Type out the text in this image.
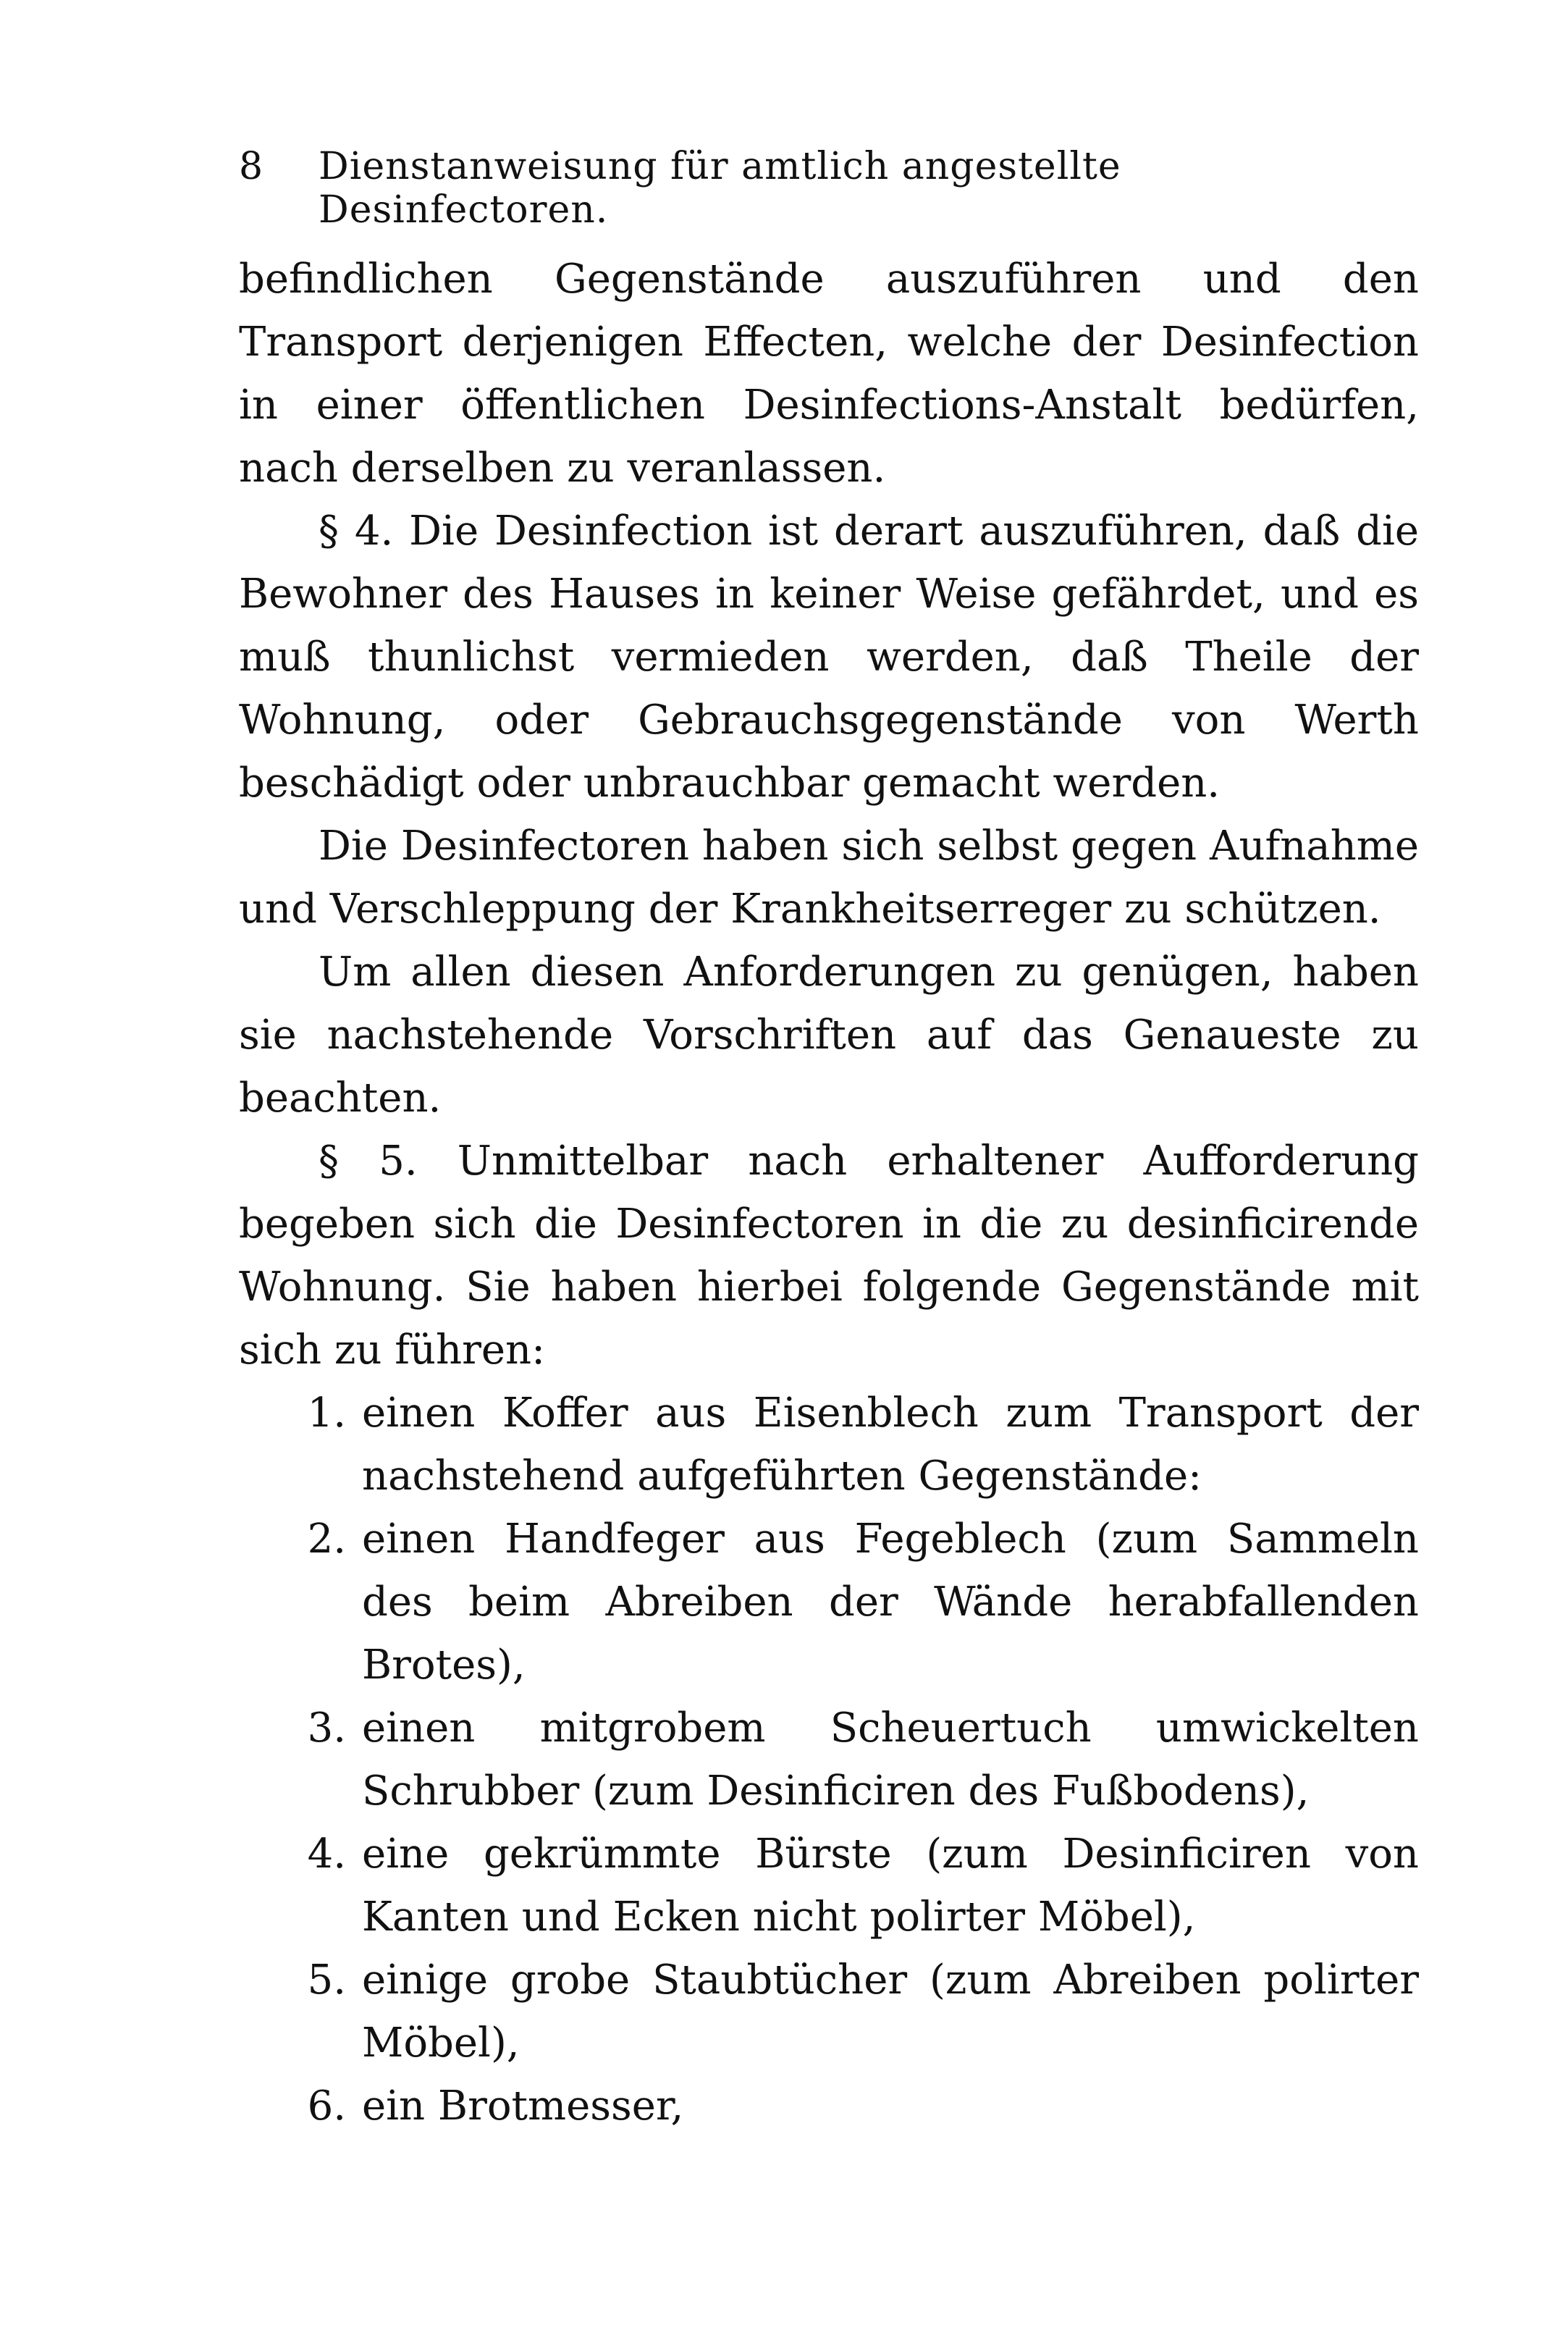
8	Dienstanweisung für amtlich angestellte Desinfectoren.

befindlichen Gegenstände auszuführen und den Transport derjenigen Effecten, welche der Desinfection in einer öffentlichen Desinfections-Anstalt bedürfen, nach derselben zu veranlassen.

§ 4. Die Desinfection ist derart auszuführen, daß die Bewohner des Hauses in keiner Weise gefährdet, und es muß thunlichst vermieden werden, daß Theile der Wohnung, oder Gebrauchsgegenstände von Werth beschädigt oder unbrauchbar gemacht werden.

Die Desinfectoren haben sich selbst gegen Aufnahme und Verschleppung der Krankheitserreger zu schützen.

Um allen diesen Anforderungen zu genügen, haben sie nachstehende Vorschriften auf das Genaueste zu beachten.

§ 5. Unmittelbar nach erhaltener Aufforderung begeben sich die Desinfectoren in die zu desinficirende Wohnung. Sie haben hierbei folgende Gegenstände mit sich zu führen:

1. einen Koffer aus Eisenblech zum Transport der nachstehend aufgeführten Gegenstände:
2. einen Handfeger aus Fegeblech (zum Sammeln des beim Abreiben der Wände herabfallenden Brotes),
3. einen mitgrobem Scheuertuch umwickelten Schrubber (zum Desinficiren des Fußbodens),
4. eine gekrümmte Bürste (zum Desinficiren von Kanten und Ecken nicht polirter Möbel),
5. einige grobe Staubtücher (zum Abreiben polirter Möbel),
6. ein Brotmesser,
